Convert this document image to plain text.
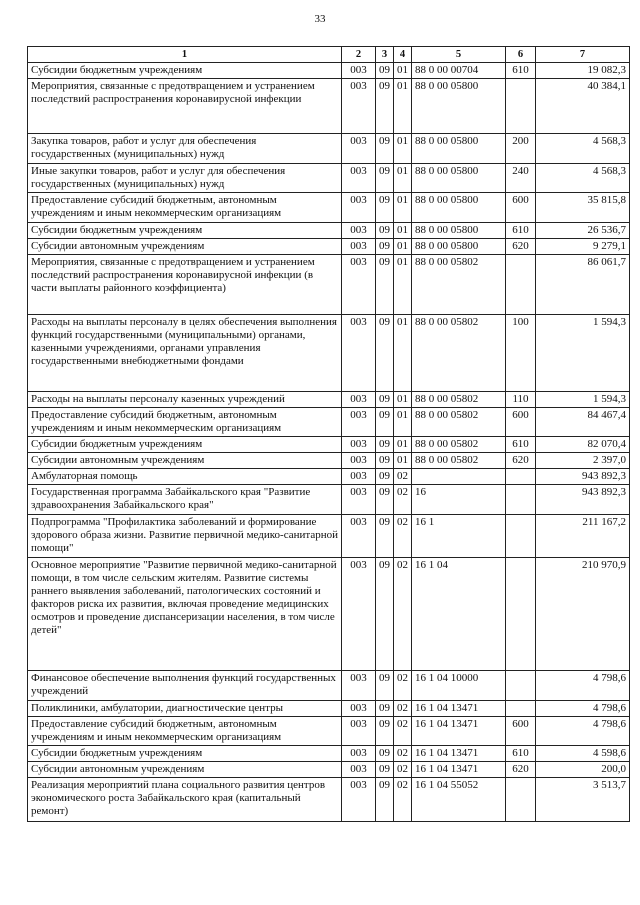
33
1	2	3	4	5	6	7
Субсидии бюджетным учреждениям	003	09	01	88 0 00 00704	610	19 082,3
Мероприятия, связанные с предотвращением и устранением последствий распространения коронавирусной инфекции	003	09	01	88 0 00 05800		40 384,1
Закупка товаров, работ и услуг для обеспечения государственных (муниципальных) нужд	003	09	01	88 0 00 05800	200	4 568,3
Иные закупки товаров, работ и услуг для обеспечения государственных (муниципальных) нужд	003	09	01	88 0 00 05800	240	4 568,3
Предоставление субсидий бюджетным, автономным учреждениям и иным некоммерческим организациям	003	09	01	88 0 00 05800	600	35 815,8
Субсидии бюджетным учреждениям	003	09	01	88 0 00 05800	610	26 536,7
Субсидии автономным учреждениям	003	09	01	88 0 00 05800	620	9 279,1
Мероприятия, связанные с предотвращением и устранением последствий распространения коронавирусной инфекции (в части выплаты районного коэффициента)	003	09	01	88 0 00 05802		86 061,7
Расходы на выплаты персоналу в целях обеспечения выполнения функций государственными (муниципальными) органами, казенными учреждениями, органами управления государственными внебюджетными фондами	003	09	01	88 0 00 05802	100	1 594,3
Расходы на выплаты персоналу казенных учреждений	003	09	01	88 0 00 05802	110	1 594,3
Предоставление субсидий бюджетным, автономным учреждениям и иным некоммерческим организациям	003	09	01	88 0 00 05802	600	84 467,4
Субсидии бюджетным учреждениям	003	09	01	88 0 00 05802	610	82 070,4
Субсидии автономным учреждениям	003	09	01	88 0 00 05802	620	2 397,0
Амбулаторная помощь	003	09	02			943 892,3
Государственная программа Забайкальского края "Развитие здравоохранения Забайкальского края"	003	09	02	16		943 892,3
Подпрограмма "Профилактика заболеваний и формирование здорового образа жизни. Развитие первичной медико-санитарной помощи"	003	09	02	16 1		211 167,2
Основное мероприятие "Развитие первичной медико-санитарной помощи, в том числе сельским жителям. Развитие системы раннего выявления заболеваний, патологических состояний и факторов риска их развития, включая проведение медицинских осмотров и проведение диспансеризации населения, в том числе детей"	003	09	02	16 1 04		210 970,9
Финансовое обеспечение выполнения функций государственных учреждений	003	09	02	16 1 04 10000		4 798,6
Поликлиники, амбулатории, диагностические центры	003	09	02	16 1 04 13471		4 798,6
Предоставление субсидий бюджетным, автономным учреждениям и иным некоммерческим организациям	003	09	02	16 1 04 13471	600	4 798,6
Субсидии бюджетным учреждениям	003	09	02	16 1 04 13471	610	4 598,6
Субсидии автономным учреждениям	003	09	02	16 1 04 13471	620	200,0
Реализация мероприятий плана социального развития центров экономического роста Забайкальского края (капитальный ремонт)	003	09	02	16 1 04 55052		3 513,7
